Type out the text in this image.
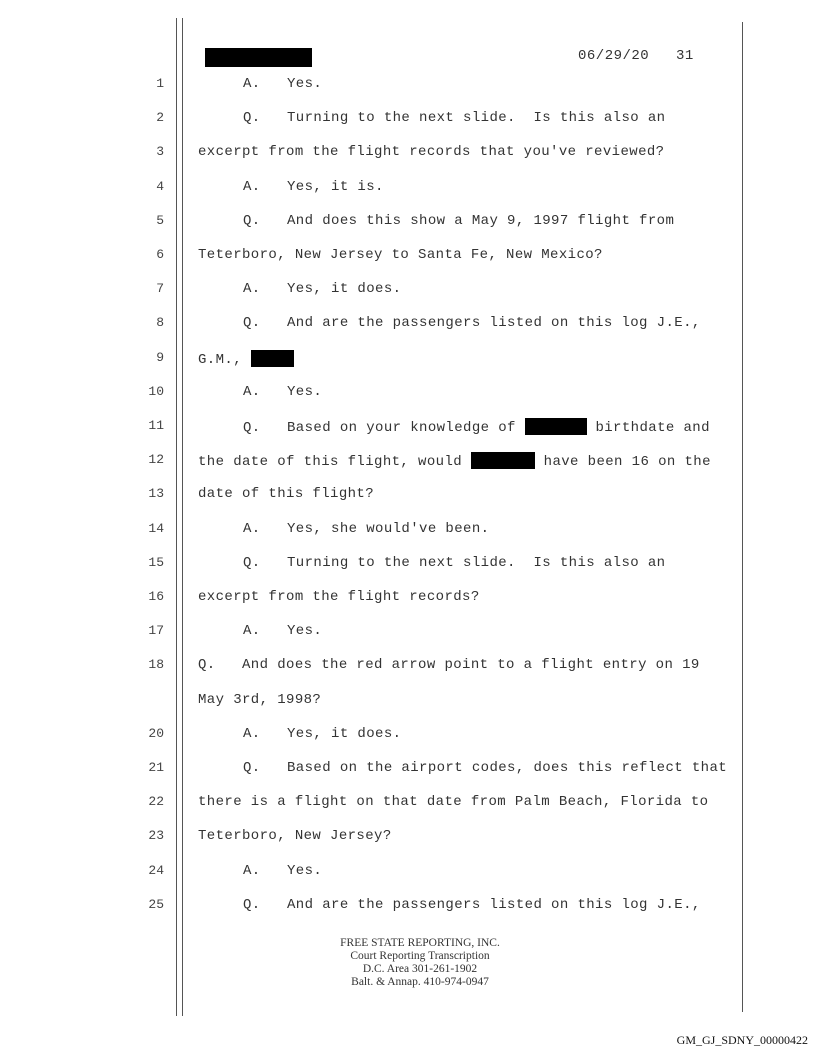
06/29/20 31
1	A.   Yes.
2	Q.   Turning to the next slide.  Is this also an
3 excerpt from the flight records that you've reviewed?
4	A.   Yes, it is.
5	Q.   And does this show a May 9, 1997 flight from
6 Teterboro, New Jersey to Santa Fe, New Mexico?
7	A.   Yes, it does.
8	Q.   And are the passengers listed on this log J.E.,
9 G.M.,
10	A.   Yes.
11	Q.   Based on your knowledge of	birthdate and
12 the date of this flight, would	have been 16 on the
13 date of this flight?
14	A.   Yes, she would've been.
15	Q.   Turning to the next slide.  Is this also an
16 excerpt from the flight records?
17	A.   Yes.
18 Q.   And does the red arrow point to a flight entry on 19
May 3rd, 1998?
20	A.   Yes, it does.
21	Q.   Based on the airport codes, does this reflect that
22 there is a flight on that date from Palm Beach, Florida to
23 Teterboro, New Jersey?
24	A.   Yes.
25	Q.   And are the passengers listed on this log J.E.,
FREE STATE REPORTING, INC.
Court Reporting Transcription
D.C. Area 301-261-1902
Balt. & Annap. 410-974-0947
GM_GJ_SDNY_00000422
